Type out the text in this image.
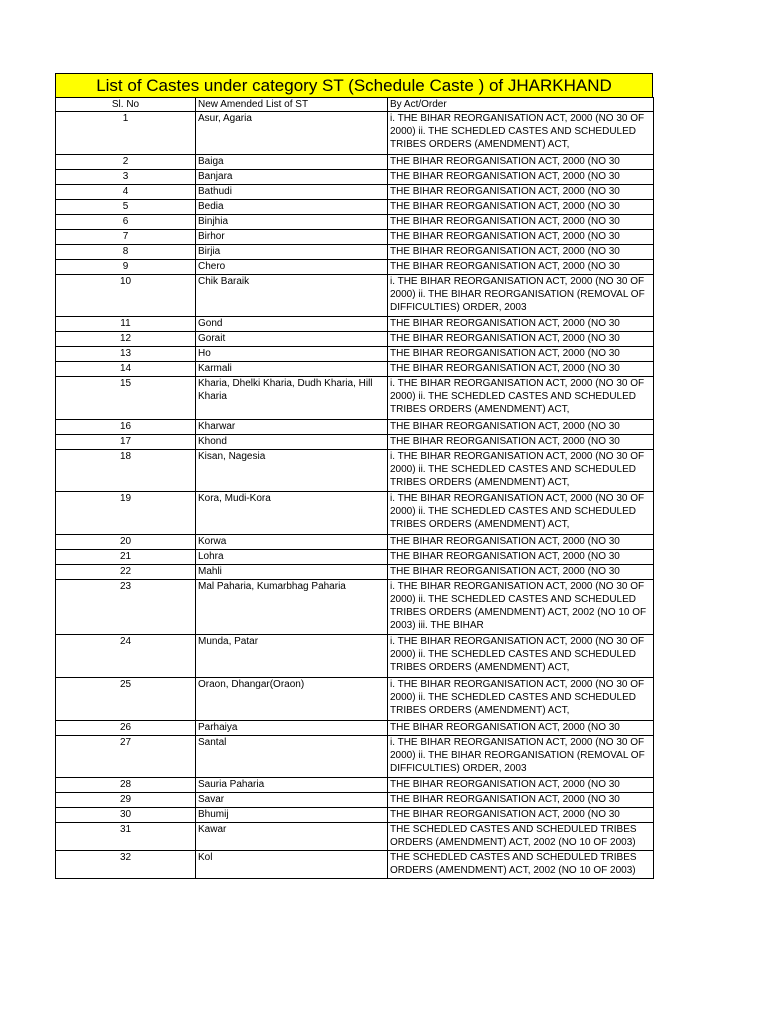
List of Castes under category ST (Schedule Caste ) of JHARKHAND
Sl. No	New Amended List of ST	By Act/Order

1	Asur, Agaria	i. THE BIHAR REORGANISATION ACT, 2000 (NO 30 OF 2000) ii. THE SCHEDLED CASTES AND SCHEDULED TRIBES ORDERS (AMENDMENT) ACT,

2	Baiga	THE BIHAR REORGANISATION ACT, 2000 (NO 30

3	Banjara	THE BIHAR REORGANISATION ACT, 2000 (NO 30

4	Bathudi	THE BIHAR REORGANISATION ACT, 2000 (NO 30

5	Bedia	THE BIHAR REORGANISATION ACT, 2000 (NO 30

6	Binjhia	THE BIHAR REORGANISATION ACT, 2000 (NO 30

7	Birhor	THE BIHAR REORGANISATION ACT, 2000 (NO 30

8	Birjia	THE BIHAR REORGANISATION ACT, 2000 (NO 30

9	Chero	THE BIHAR REORGANISATION ACT, 2000 (NO 30

10	Chik Baraik	i. THE BIHAR REORGANISATION ACT, 2000 (NO 30 OF 2000) ii. THE BIHAR REORGANISATION (REMOVAL OF DIFFICULTIES) ORDER, 2003

11	Gond	THE BIHAR REORGANISATION ACT, 2000 (NO 30

12	Gorait	THE BIHAR REORGANISATION ACT, 2000 (NO 30

13	Ho	THE BIHAR REORGANISATION ACT, 2000 (NO 30

14	Karmali	THE BIHAR REORGANISATION ACT, 2000 (NO 30

15	Kharia, Dhelki Kharia, Dudh Kharia, Hill Kharia	i. THE BIHAR REORGANISATION ACT, 2000 (NO 30 OF 2000) ii. THE SCHEDLED CASTES AND SCHEDULED TRIBES ORDERS (AMENDMENT) ACT,

16	Kharwar	THE BIHAR REORGANISATION ACT, 2000 (NO 30

17	Khond	THE BIHAR REORGANISATION ACT, 2000 (NO 30

18	Kisan, Nagesia	i. THE BIHAR REORGANISATION ACT, 2000 (NO 30 OF 2000) ii. THE SCHEDLED CASTES AND SCHEDULED TRIBES ORDERS (AMENDMENT) ACT,

19	Kora, Mudi-Kora	i. THE BIHAR REORGANISATION ACT, 2000 (NO 30 OF 2000) ii. THE SCHEDLED CASTES AND SCHEDULED TRIBES ORDERS (AMENDMENT) ACT,

20	Korwa	THE BIHAR REORGANISATION ACT, 2000 (NO 30

21	Lohra	THE BIHAR REORGANISATION ACT, 2000 (NO 30

22	Mahli	THE BIHAR REORGANISATION ACT, 2000 (NO 30

23	Mal Paharia, Kumarbhag Paharia	i. THE BIHAR REORGANISATION ACT, 2000 (NO 30 OF 2000) ii. THE SCHEDLED CASTES AND SCHEDULED TRIBES ORDERS (AMENDMENT) ACT, 2002 (NO 10 OF 2003) iii. THE BIHAR

24	Munda, Patar	i. THE BIHAR REORGANISATION ACT, 2000 (NO 30 OF 2000) ii. THE SCHEDLED CASTES AND SCHEDULED TRIBES ORDERS (AMENDMENT) ACT,

25	Oraon, Dhangar(Oraon)	i. THE BIHAR REORGANISATION ACT, 2000 (NO 30 OF 2000) ii. THE SCHEDLED CASTES AND SCHEDULED TRIBES ORDERS (AMENDMENT) ACT,

26	Parhaiya	THE BIHAR REORGANISATION ACT, 2000 (NO 30

27	Santal	i. THE BIHAR REORGANISATION ACT, 2000 (NO 30 OF 2000) ii. THE BIHAR REORGANISATION (REMOVAL OF DIFFICULTIES) ORDER, 2003

28	Sauria Paharia	THE BIHAR REORGANISATION ACT, 2000 (NO 30

29	Savar	THE BIHAR REORGANISATION ACT, 2000 (NO 30

30	Bhumij	THE BIHAR REORGANISATION ACT, 2000 (NO 30

31	Kawar	THE SCHEDLED CASTES AND SCHEDULED TRIBES ORDERS (AMENDMENT) ACT, 2002 (NO 10 OF 2003)

32	Kol	THE SCHEDLED CASTES AND SCHEDULED TRIBES ORDERS (AMENDMENT) ACT, 2002 (NO 10 OF 2003)
